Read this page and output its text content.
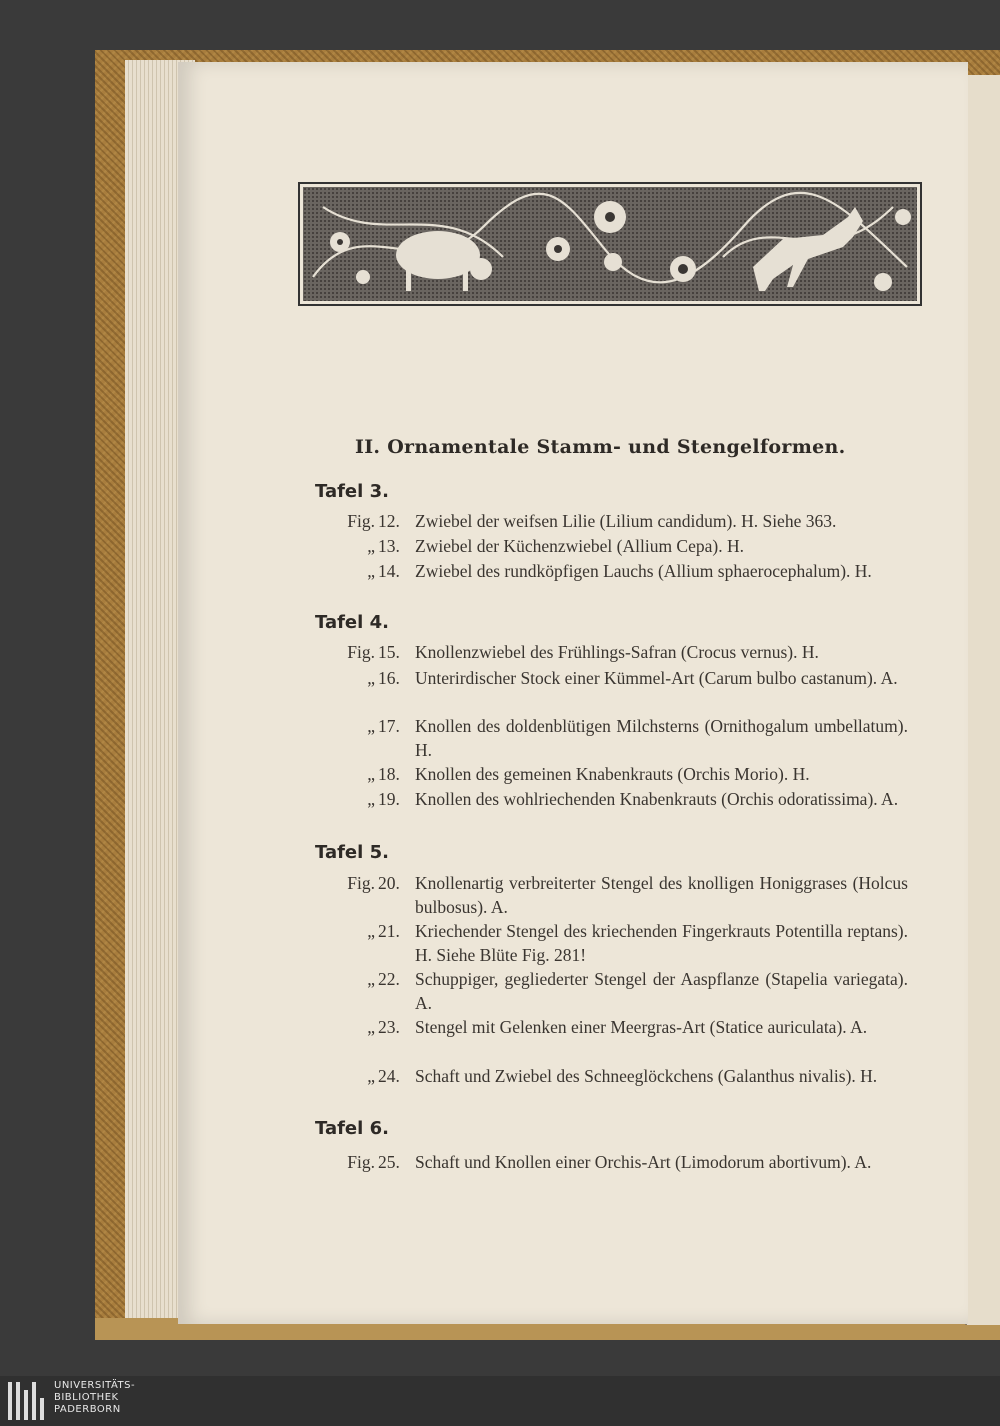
II. Ornamentale Stamm- und Stengelformen.
Tafel 3.
Fig. 12. Zwiebel der weifsen Lilie (Lilium candidum). H. Siehe 363.
„ 13. Zwiebel der Küchenzwiebel (Allium Cepa). H.
„ 14. Zwiebel des rundköpfigen Lauchs (Allium sphaerocephalum). H.
Tafel 4.
Fig. 15. Knollenzwiebel des Frühlings-Safran (Crocus vernus). H.
„ 16. Unterirdischer Stock einer Kümmel-Art (Carum bulbo castanum). A.
„ 17. Knollen des doldenblütigen Milchsterns (Ornithogalum umbellatum). H.
„ 18. Knollen des gemeinen Knabenkrauts (Orchis Morio). H.
„ 19. Knollen des wohlriechenden Knabenkrauts (Orchis odoratissima). A.
Tafel 5.
Fig. 20. Knollenartig verbreiterter Stengel des knolligen Honiggrases (Holcus bulbosus). A.
„ 21. Kriechender Stengel des kriechenden Fingerkrauts Potentilla reptans). H. Siehe Blüte Fig. 281!
„ 22. Schuppiger, gegliederter Stengel der Aaspflanze (Stapelia variegata). A.
„ 23. Stengel mit Gelenken einer Meergras-Art (Statice auriculata). A.
„ 24. Schaft und Zwiebel des Schneeglöckchens (Galanthus nivalis). H.
Tafel 6.
Fig. 25. Schaft und Knollen einer Orchis-Art (Limodorum abortivum). A.
UNIVERSITÄTS-
BIBLIOTHEK
PADERBORN
